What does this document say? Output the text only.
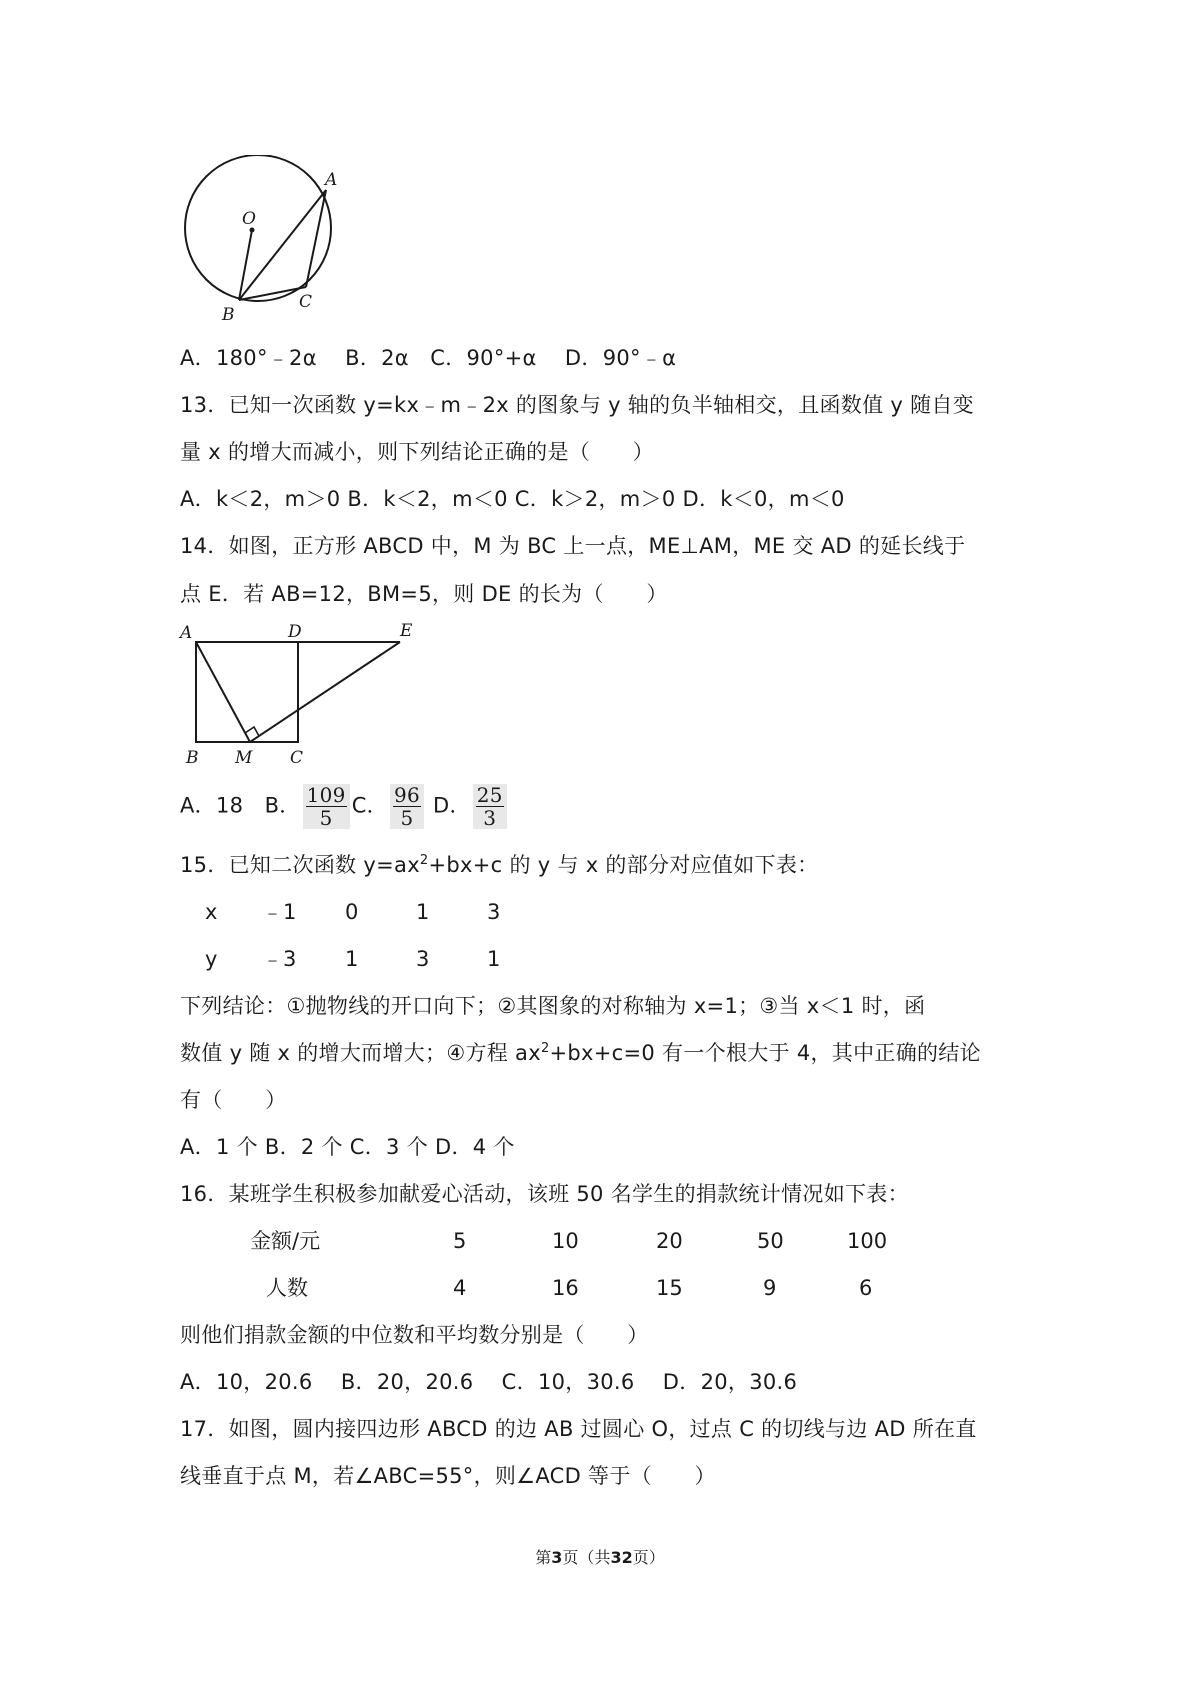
O
A
B
C
A．180°﹣2α　 B．2α　C．90°+α　 D．90°﹣α
13．已知一次函数 y=kx﹣m﹣2x 的图象与 y 轴的负半轴相交，且函数值 y 随自变
量 x 的增大而减小，则下列结论正确的是（　　）
A．k＜2，m＞0 B．k＜2，m＜0 C．k＞2，m＞0 D．k＜0，m＜0
14．如图，正方形 ABCD 中，M 为 BC 上一点，ME⊥AM，ME 交 AD 的延长线于
点 E．若 AB=12，BM=5，则 DE 的长为（　　）
A	D	E
B M C
A．18　B． $\frac{109}{5}$ C． $\frac{96}{5}$ D． $\frac{25}{3}$
15．已知二次函数 $y=ax^2+bx+c$ 的 y 与 x 的部分对应值如下表：
x ﹣1 0	1	3
y ﹣3 1	3	1
下列结论：①抛物线的开口向下；②其图象的对称轴为 x=1；③当 x＜1 时，函
数值 y 随 x 的增大而增大；④方程 $ax^2+bx+c=0$ 有一个根大于 4，其中正确的结论
有（　　）
A．1 个 B．2 个 C．3 个 D．4 个
16．某班学生积极参加献爱心活动，该班 50 名学生的捐款统计情况如下表：
金额/元	5	10	20	50	100
人数	4	16	15	9	6
则他们捐款金额的中位数和平均数分别是（　　）
A．10，20.6　 B．20，20.6　 C．10，30.6　 D．20，30.6
17．如图，圆内接四边形 ABCD 的边 AB 过圆心 O，过点 C 的切线与边 AD 所在直
线垂直于点 M，若∠ABC=55°，则∠ACD 等于（　　）
第3页（共32页）
